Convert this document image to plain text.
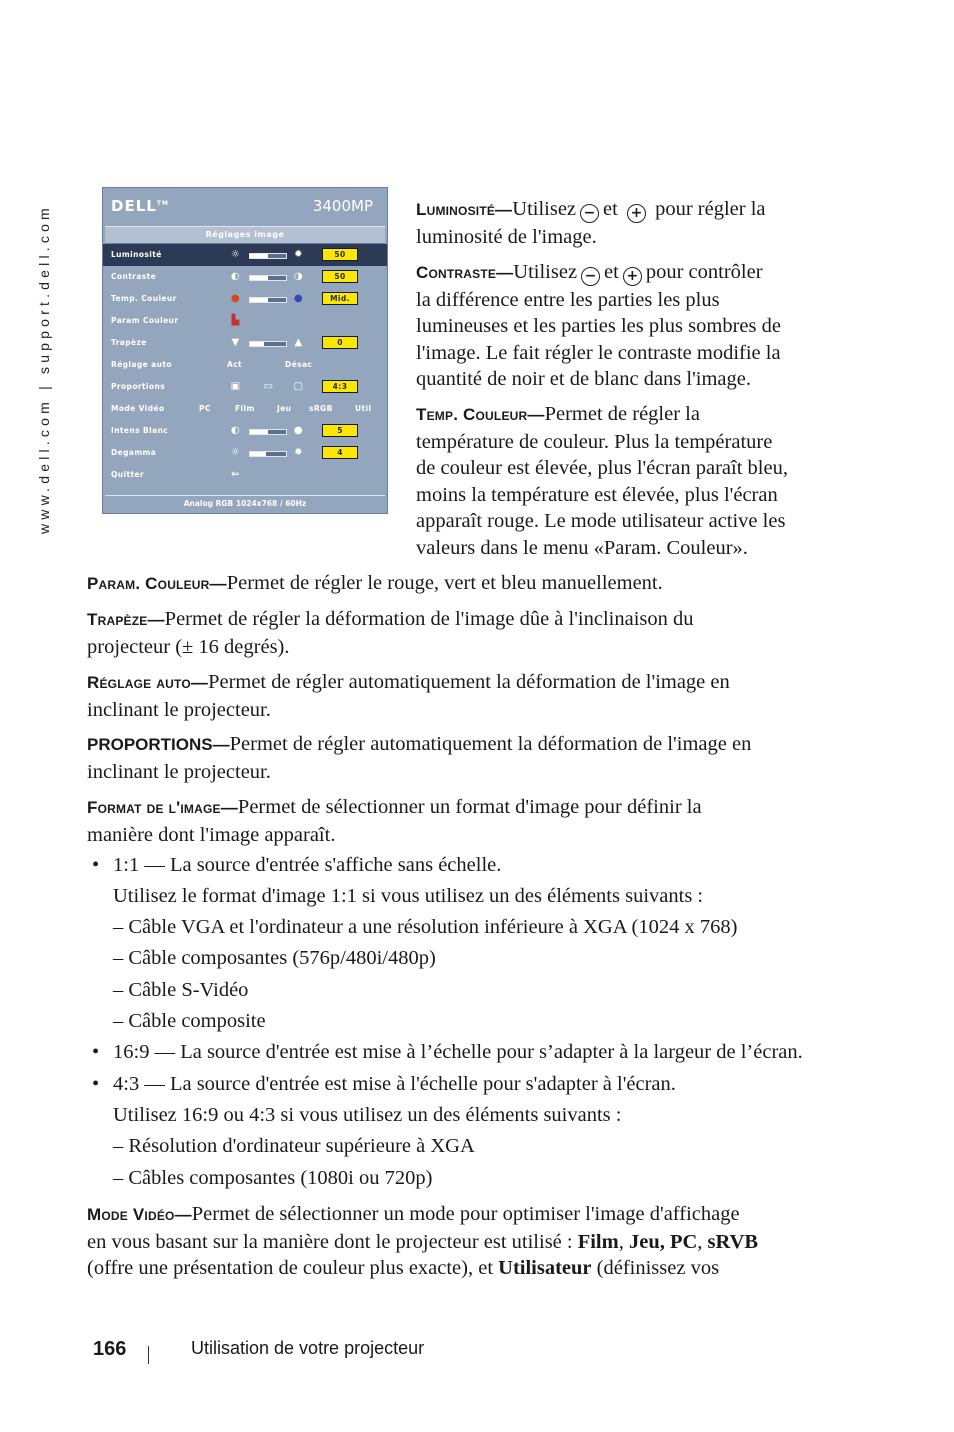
www.dell.com | support.dell.com	DELL™	3400MP
Réglages image
Luminosité	☼	✹	50
Contraste	◐	◑	50
Temp. Couleur	●	●	Mid.
Param Couleur	▙
Trapèze	▼	▲	0
Réglage auto	Act	Désac
Proportions	▣ ▭ ▢	4:3
Mode Vidéo	PC	Film	Jeu sRGB	Util
Intens Blanc	◐	●	5
Degamma	☼	✹	4
Quitter	⇐
Analog RGB 1024x768 / 60Hz
Luminosité—Utilisez − et + pour régler la
luminosité de l'image.
Contraste—Utilisez − et + pour contrôler
la différence entre les parties les plus
lumineuses et les parties les plus sombres de
l'image. Le fait régler le contraste modifie la
quantité de noir et de blanc dans l'image.
Temp. Couleur—Permet de régler la
température de couleur. Plus la température
de couleur est élevée, plus l'écran paraît bleu,
moins la température est élevée, plus l'écran
apparaît rouge. Le mode utilisateur active les
valeurs dans le menu «Param. Couleur».
Param. Couleur—Permet de régler le rouge, vert et bleu manuellement.
Trapèze—Permet de régler la déformation de l'image dûe à l'inclinaison du
projecteur (± 16 degrés).
Réglage auto—Permet de régler automatiquement la déformation de l'image en
inclinant le projecteur.
PROPORTIONS—Permet de régler automatiquement la déformation de l'image en
inclinant le projecteur.
Format de l'image—Permet de sélectionner un format d'image pour définir la
manière dont l'image apparaît.
• 1:1 — La source d'entrée s'affiche sans échelle.
Utilisez le format d'image 1:1 si vous utilisez un des éléments suivants :
– Câble VGA et l'ordinateur a une résolution inférieure à XGA (1024 x 768)
– Câble composantes (576p/480i/480p)
– Câble S-Vidéo
– Câble composite
• 16:9 — La source d'entrée est mise à l’échelle pour s’adapter à la largeur de l’écran.
• 4:3 — La source d'entrée est mise à l'échelle pour s'adapter à l'écran.
Utilisez 16:9 ou 4:3 si vous utilisez un des éléments suivants :
– Résolution d'ordinateur supérieure à XGA
– Câbles composantes (1080i ou 720p)
Mode Vidéo—Permet de sélectionner un mode pour optimiser l'image d'affichage
en vous basant sur la manière dont le projecteur est utilisé : Film, Jeu, PC, sRVB
(offre une présentation de couleur plus exacte), et Utilisateur (définissez vos
166	Utilisation de votre projecteur
